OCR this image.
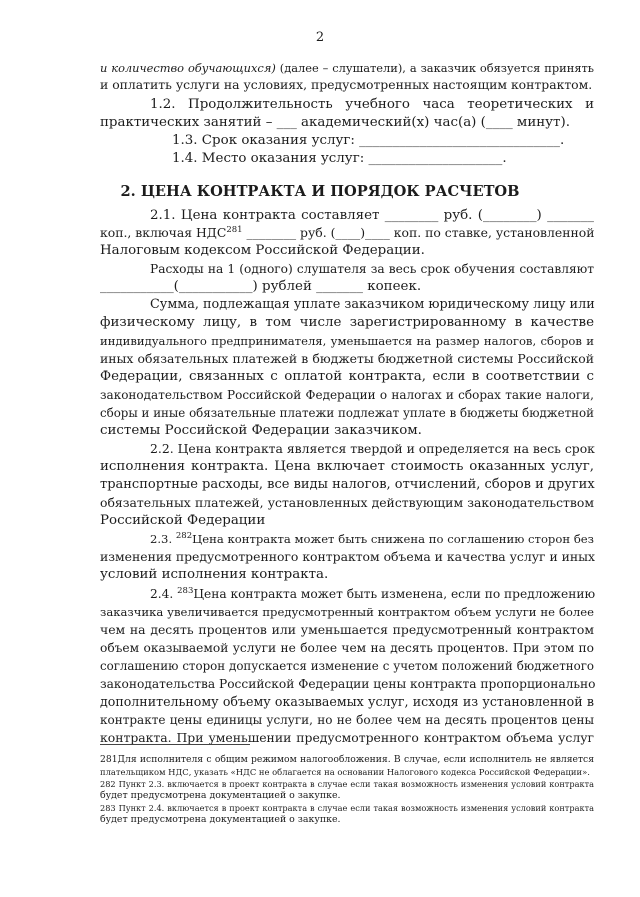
2
и количество обучающихся) (далее – слушатели), а заказчик обязуется принять
и оплатить услуги на условиях, предусмотренных настоящим контрактом.
1.2. Продолжительность учебного часа теоретических и
практических занятий – ___ академический(х) час(а) (____ минут).
1.3. Срок оказания услуг: ______________________________.
1.4. Место оказания услуг: ____________________.
2. ЦЕНА КОНТРАКТА И ПОРЯДОК РАСЧЕТОВ
2.1. Цена контракта составляет ________ руб. (________) _______
коп., включая НДС$^{281}$ ________ руб. (____)____ коп. по ставке, установленной
Налоговым кодексом Российской Федерации.
Расходы на 1 (одного) слушателя за весь срок обучения составляют
___________(___________) рублей _______ копеек.
Сумма, подлежащая уплате заказчиком юридическому лицу или
физическому лицу, в том числе зарегистрированному в качестве
индивидуального предпринимателя, уменьшается на размер налогов, сборов и
иных обязательных платежей в бюджеты бюджетной системы Российской
Федерации, связанных с оплатой контракта, если в соответствии с
законодательством Российской Федерации о налогах и сборах такие налоги,
сборы и иные обязательные платежи подлежат уплате в бюджеты бюджетной
системы Российской Федерации заказчиком.
2.2. Цена контракта является твердой и определяется на весь срок
исполнения контракта. Цена включает стоимость оказанных услуг,
транспортные расходы, все виды налогов, отчислений, сборов и других
обязательных платежей, установленных действующим законодательством
Российской Федерации
2.3. $^{282}$Цена контракта может быть снижена по соглашению сторон без
изменения предусмотренного контрактом объема и качества услуг и иных
условий исполнения контракта.
2.4. $^{283}$Цена контракта может быть изменена, если по предложению
заказчика увеличивается предусмотренный контрактом объем услуги не более
чем на десять процентов или уменьшается предусмотренный контрактом
объем оказываемой услуги не более чем на десять процентов. При этом по
соглашению сторон допускается изменение с учетом положений бюджетного
законодательства Российской Федерации цены контракта пропорционально
дополнительному объему оказываемых услуг, исходя из установленной в
контракте цены единицы услуги, но не более чем на десять процентов цены
контракта. При уменьшении предусмотренного контрактом объема услуг
281Для исполнителя с общим режимом налогообложения. В случае, если исполнитель не является
плательщиком НДС, указать «НДС не облагается на основании Налогового кодекса Российской Федерации».
282 Пункт 2.3. включается в проект контракта в случае если такая возможность изменения условий контракта
будет предусмотрена документацией о закупке.
283 Пункт 2.4. включается в проект контракта в случае если такая возможность изменения условий контракта
будет предусмотрена документацией о закупке.
